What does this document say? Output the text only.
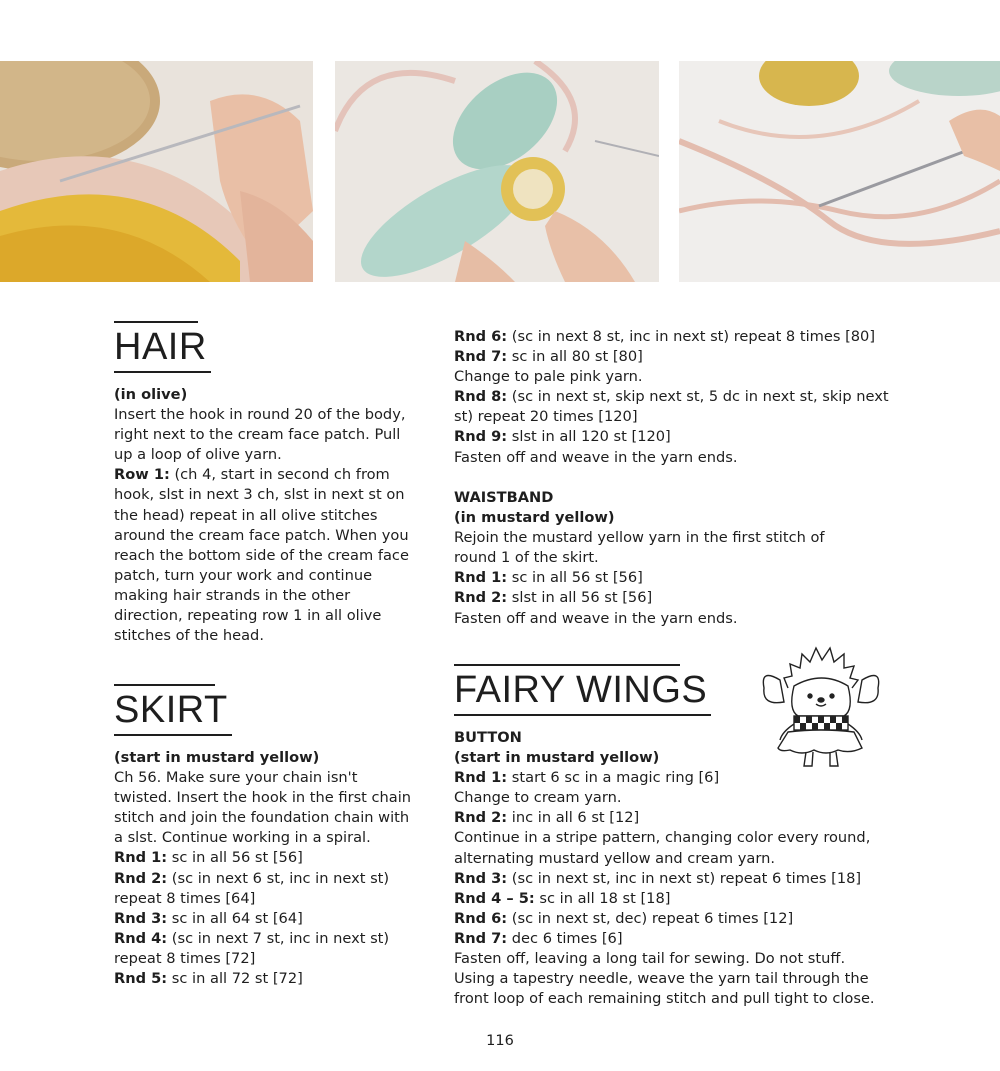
HAIR
(in olive)
Insert the hook in round 20 of the body,
right next to the cream face patch. Pull
up a loop of olive yarn.
Row 1: (ch 4, start in second ch from
hook, slst in next 3 ch, slst in next st on
the head) repeat in all olive stitches
around the cream face patch. When you
reach the bottom side of the cream face
patch, turn your work and continue
making hair strands in the other
direction, repeating row 1 in all olive
stitches of the head.
SKIRT
(start in mustard yellow)
Ch 56. Make sure your chain isn't
twisted. Insert the hook in the first chain
stitch and join the foundation chain with
a slst. Continue working in a spiral.
Rnd 1: sc in all 56 st [56]
Rnd 2: (sc in next 6 st, inc in next st)
repeat 8 times [64]
Rnd 3: sc in all 64 st [64]
Rnd 4: (sc in next 7 st, inc in next st)
repeat 8 times [72]
Rnd 5: sc in all 72 st [72]
Rnd 6: (sc in next 8 st, inc in next st) repeat 8 times [80]
Rnd 7: sc in all 80 st [80]
Change to pale pink yarn.
Rnd 8: (sc in next st, skip next st, 5 dc in next st, skip next
st) repeat 20 times [120]
Rnd 9: slst in all 120 st [120]
Fasten off and weave in the yarn ends.
WAISTBAND
(in mustard yellow)
Rejoin the mustard yellow yarn in the first stitch of
round 1 of the skirt.
Rnd 1: sc in all 56 st [56]
Rnd 2: slst in all 56 st [56]
Fasten off and weave in the yarn ends.
FAIRY WINGS
BUTTON
(start in mustard yellow)
Rnd 1: start 6 sc in a magic ring [6]
Change to cream yarn.
Rnd 2: inc in all 6 st [12]
Continue in a stripe pattern, changing color every round,
alternating mustard yellow and cream yarn.
Rnd 3: (sc in next st, inc in next st) repeat 6 times [18]
Rnd 4 – 5: sc in all 18 st [18]
Rnd 6: (sc in next st, dec) repeat 6 times [12]
Rnd 7: dec 6 times [6]
Fasten off, leaving a long tail for sewing. Do not stuff.
Using a tapestry needle, weave the yarn tail through the
front loop of each remaining stitch and pull tight to close.
116
